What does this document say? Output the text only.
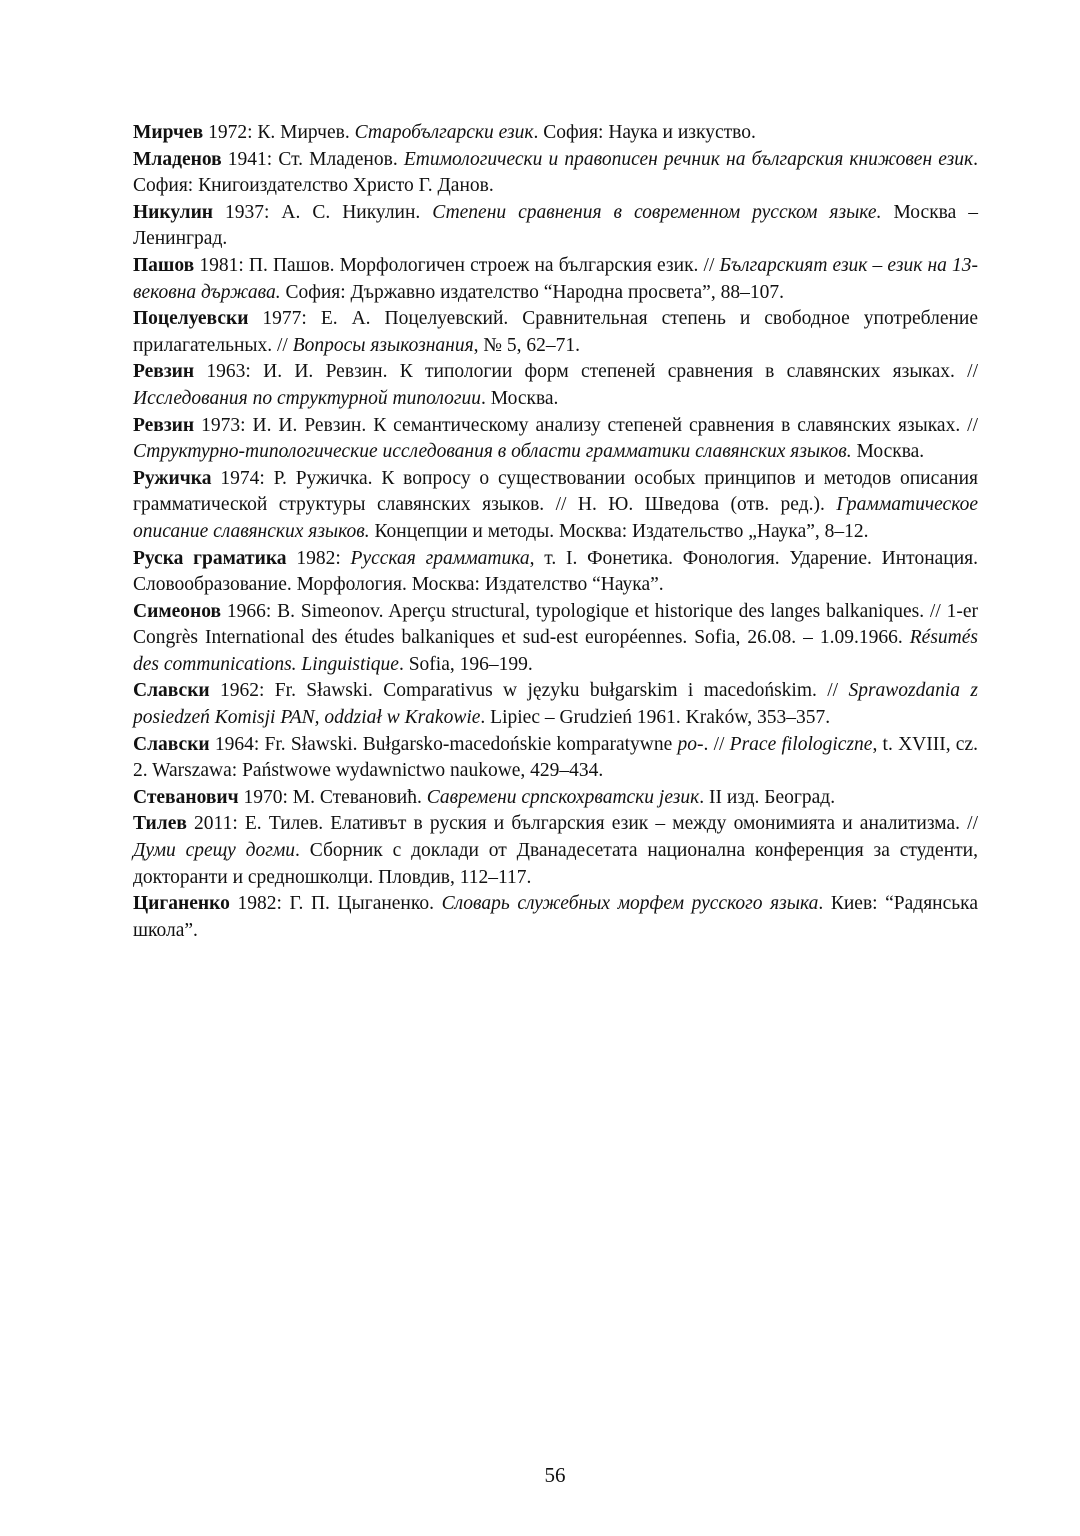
Мирчев 1972: К. Мирчев. Старобългарски език. София: Наука и изкуство.

Младенов 1941: Ст. Младенов. Етимологически и правописен речник на българския книжовен език. София: Книгоиздателство Христо Г. Данов.

Никулин 1937: А. С. Никулин. Степени сравнения в современном русском языке. Москва – Ленинград.

Пашов 1981: П. Пашов. Морфологичен строеж на българския език. // Българският език – език на 13-вековна държава. София: Държавно издателство “Народна просвета”, 88–107.

Поцелуевски 1977: Е. А. Поцелуевский. Сравнительная степень и свободное употребление прилагательных. // Вопросы языкознания, № 5, 62–71.

Ревзин 1963: И. И. Ревзин. К типологии форм степеней сравнения в славянских языках. // Исследования по структурной типологии. Москва.

Ревзин 1973: И. И. Ревзин. К семантическому анализу степеней сравнения в славянских языках. // Структурно-типологические исследования в области грамматики славянских языков. Москва.

Ружичка 1974: Р. Ружичка. К вопросу о существовании особых принципов и методов описания грамматической структуры славянских языков. // Н. Ю. Шведова (отв. ред.). Грамматическое описание славянских языков. Концепции и методы. Москва: Издательство „Наука”, 8–12.

Руска граматика 1982: Русская грамматика, т. I. Фонетика. Фонология. Ударение. Интонация. Словообразование. Морфология. Москва: Издателство “Наука”.

Симеонов 1966: B. Simeonov. Aperçu structural, typologique et historique des langes balkaniques. // 1-er Congrès International des études balkaniques et sud-est européennes. Sofia, 26.08. – 1.09.1966. Résumés des communications. Linguistique. Sofia, 196–199.

Славски 1962: Fr. Sławski. Comparativus w języku bułgarskim i macedońskim. // Sprawozdania z posiedzeń Komisji PAN, oddział w Krakowie. Lipiec – Grudzień 1961. Kraków, 353–357.

Славски 1964: Fr. Sławski. Bułgarsko-macedońskie komparatywne po-. // Prace filologiczne, t. XVIII, cz. 2. Warszawa: Państwowe wydawnictwo naukowe, 429–434.

Стеванович 1970: М. Стевановић. Савремени српскохрватски језик. II изд. Београд.

Тилев 2011: Е. Тилев. Елативът в руския и българския език – между омонимията и аналитизма. // Думи срещу догми. Сборник с доклади от Дванадесетата национална конференция за студенти, докторанти и средношколци. Пловдив, 112–117.

Циганенко 1982: Г. П. Цыганенко. Словарь служебных морфем русского языка. Киев: “Радянська школа”.

56
